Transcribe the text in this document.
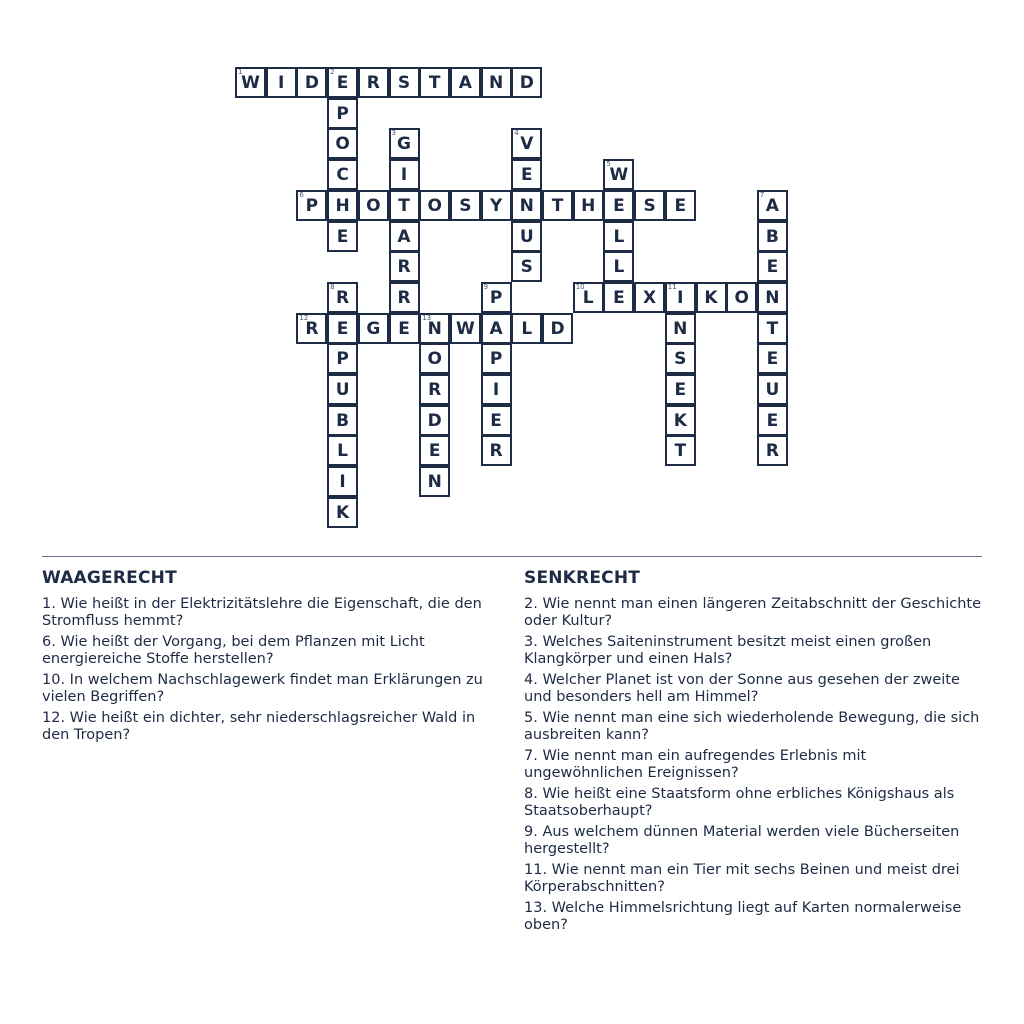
1
W	I	D
2
E	R	S	T	A	N D
P
O
C
H
E
3
G
I
T
A
R
R
E
4
V
E
N
U
S
5
W
E
L
L
E
6
P	O	O	S	Y	T	H	S	E
7
A
B
E
N
T
E
U
E
R
8
R
E
P
U
B
L
I
K
9
P
A
P
I
E
R
10
L	X
11
I	K O
N
S
E
K
T
12
R	G
13
N W	L	D
O
R
D
E
N
WAAGERECHT
1. Wie heißt in der Elektrizitätslehre die Eigenschaft, die den Stromfluss hemmt?
6. Wie heißt der Vorgang, bei dem Pflanzen mit Licht energiereiche Stoffe herstellen?
10. In welchem Nachschlagewerk findet man Erklärungen zu vielen Begriffen?
12. Wie heißt ein dichter, sehr niederschlagsreicher Wald in den Tropen?
SENKRECHT
2. Wie nennt man einen längeren Zeitabschnitt der Geschichte oder Kultur?
3. Welches Saiteninstrument besitzt meist einen großen Klangkörper und einen Hals?
4. Welcher Planet ist von der Sonne aus gesehen der zweite und besonders hell am Himmel?
5. Wie nennt man eine sich wiederholende Bewegung, die sich ausbreiten kann?
7. Wie nennt man ein aufregendes Erlebnis mit ungewöhnlichen Ereignissen?
8. Wie heißt eine Staatsform ohne erbliches Königshaus als Staatsoberhaupt?
9. Aus welchem dünnen Material werden viele Bücherseiten hergestellt?
11. Wie nennt man ein Tier mit sechs Beinen und meist drei Körperabschnitten?
13. Welche Himmelsrichtung liegt auf Karten normalerweise oben?
